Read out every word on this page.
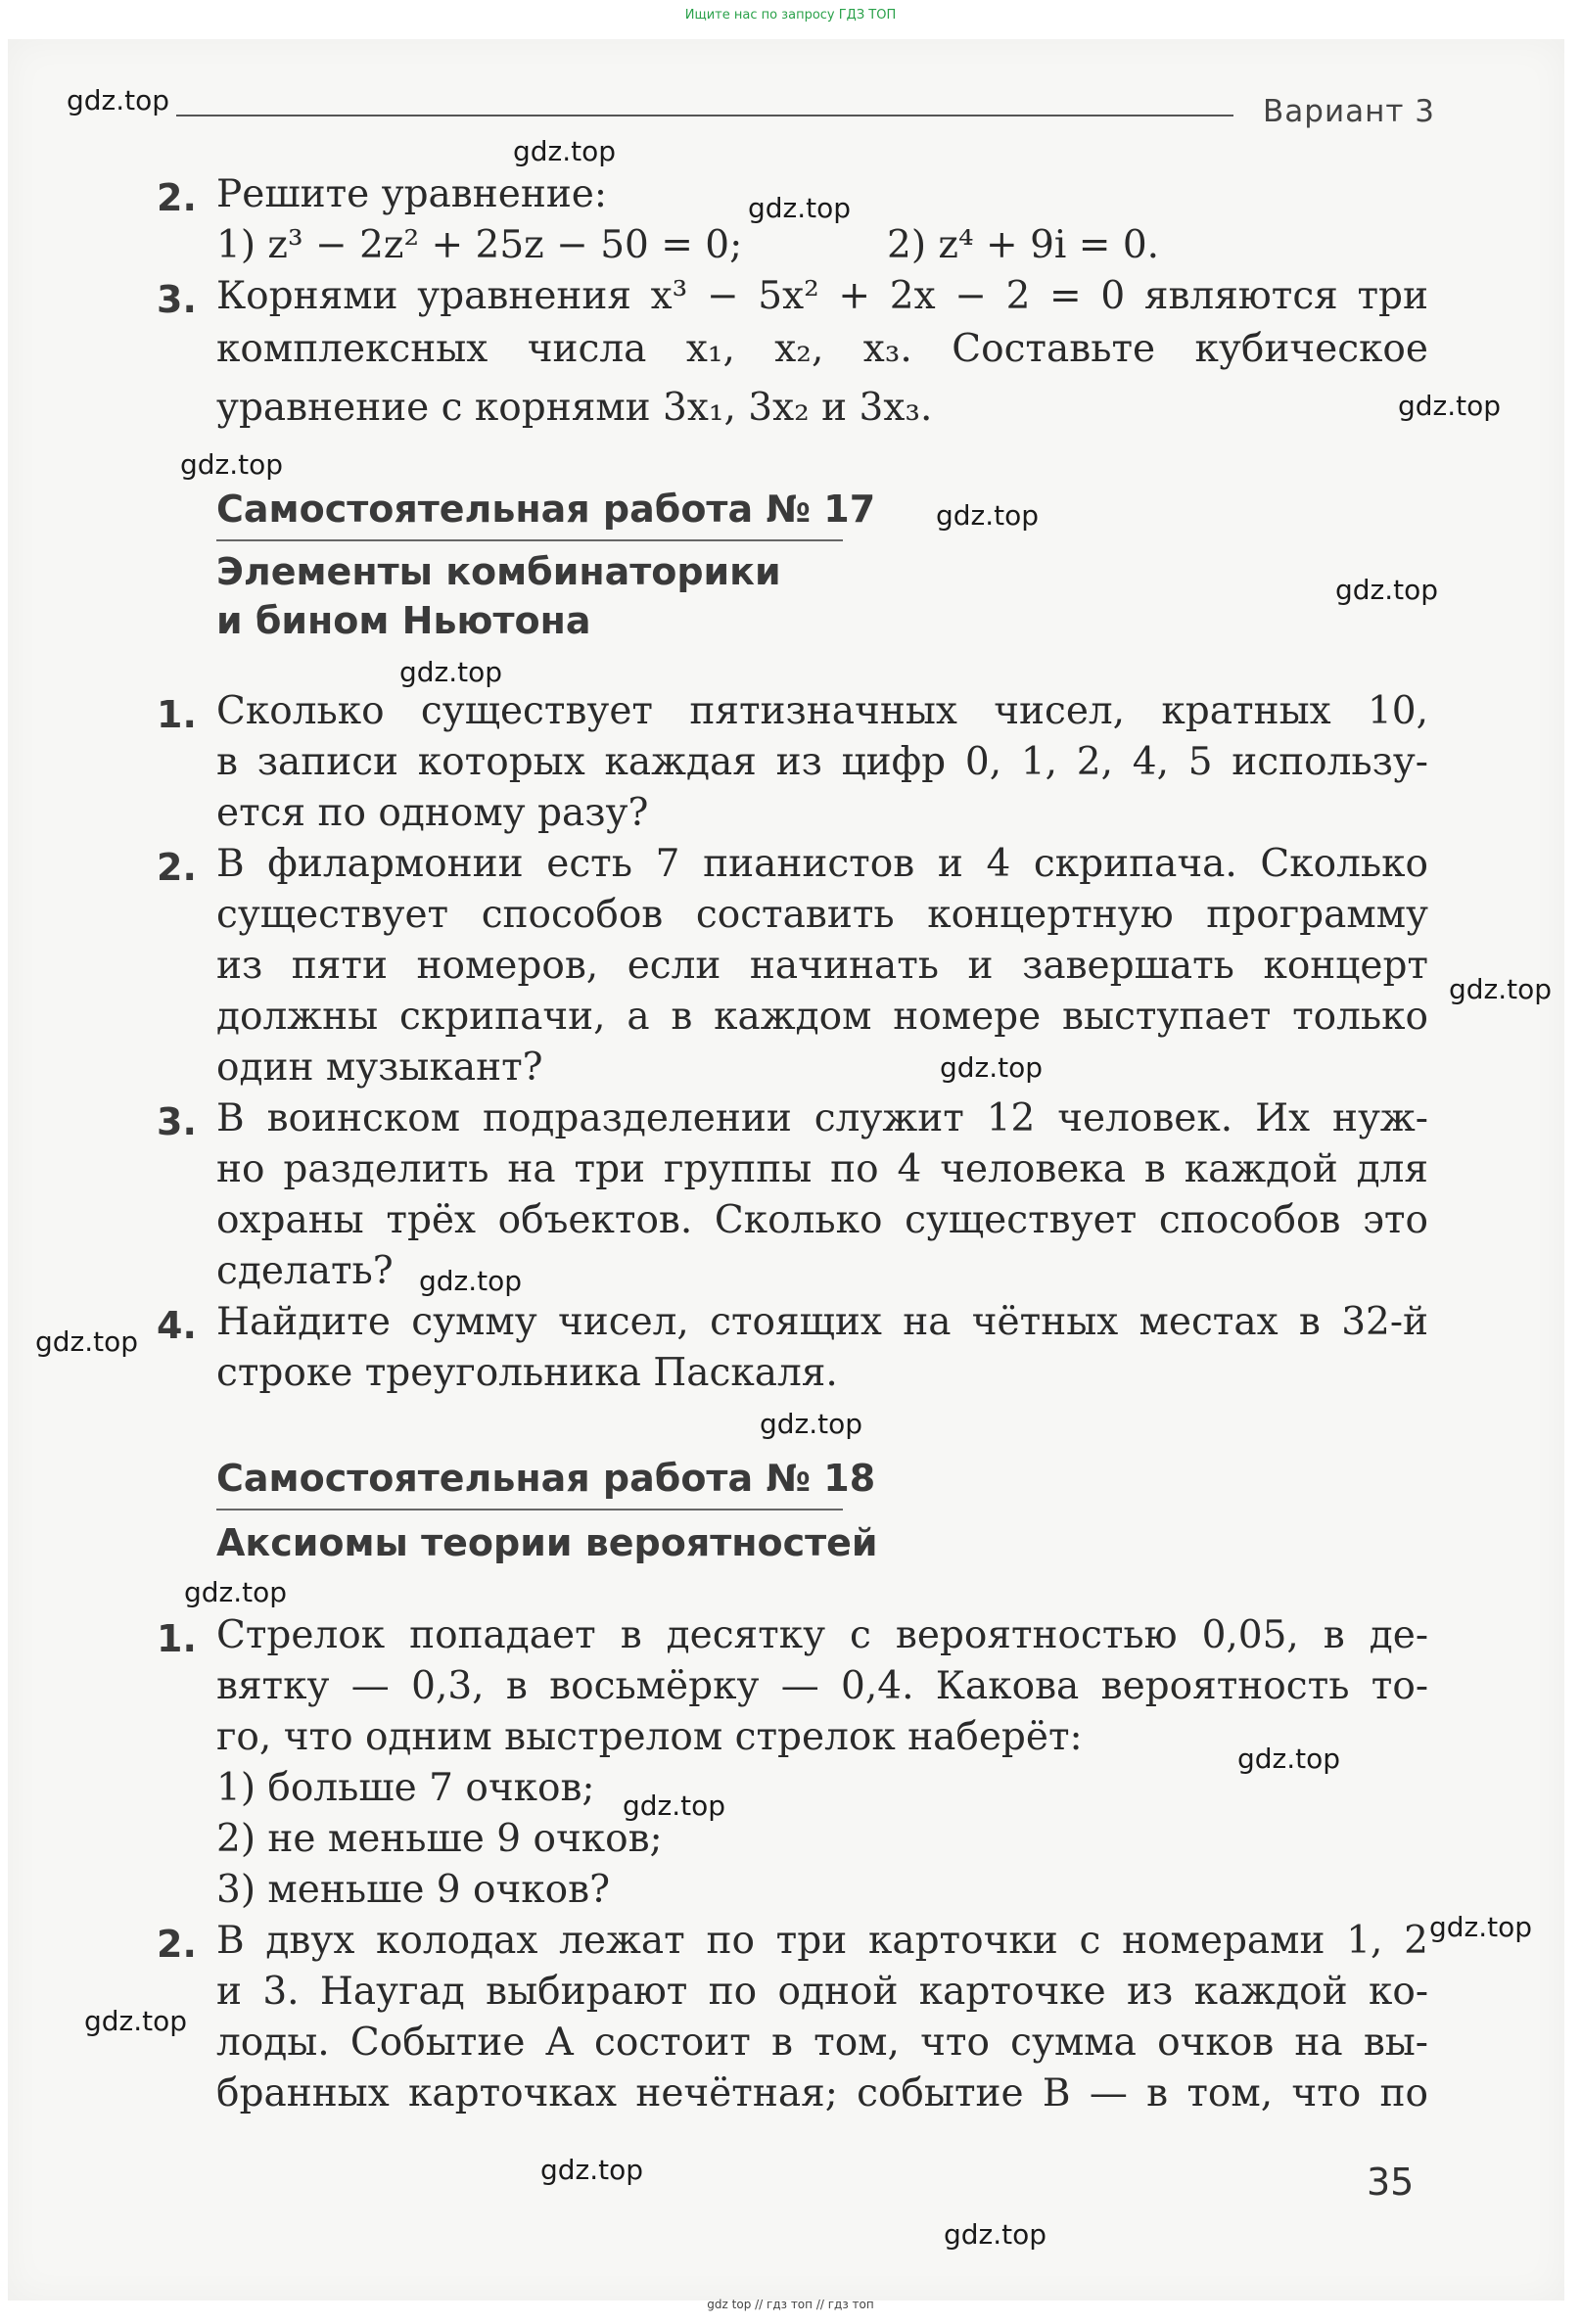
Ищите нас по запросу ГДЗ ТОП
Вариант 3
2. Решите уравнение:
1) z³ − 2z² + 25z − 50 = 0;	2) z⁴ + 9i = 0.
3. Корнями уравнения x³ − 5x² + 2x − 2 = 0 являются три
комплексных числа x₁, x₂, x₃. Составьте кубическое
уравнение с корнями 3x₁, 3x₂ и 3x₃.
Самостоятельная работа № 17
Элементы комбинаторики
и бином Ньютона
1. Сколько существует пятизначных чисел, кратных 10,
в записи которых каждая из цифр 0, 1, 2, 4, 5 использу-
ется по одному разу?
2. В филармонии есть 7 пианистов и 4 скрипача. Сколько
существует способов составить концертную программу
из пяти номеров, если начинать и завершать концерт
должны скрипачи, а в каждом номере выступает только
один музыкант?
3. В воинском подразделении служит 12 человек. Их нуж-
но разделить на три группы по 4 человека в каждой для
охраны трёх объектов. Сколько существует способов это
сделать?
4. Найдите сумму чисел, стоящих на чётных местах в 32-й
строке треугольника Паскаля.
Самостоятельная работа № 18
Аксиомы теории вероятностей
1. Стрелок попадает в десятку с вероятностью 0,05, в де-
вятку — 0,3, в восьмёрку — 0,4. Какова вероятность то-
го, что одним выстрелом стрелок наберёт:
1) больше 7 очков;
2) не меньше 9 очков;
3) меньше 9 очков?
2. В двух колодах лежат по три карточки с номерами 1, 2
и 3. Наугад выбирают по одной карточке из каждой ко-
лоды. Событие A состоит в том, что сумма очков на вы-
бранных карточках нечётная; событие B — в том, что по
35
gdz.top
gdz.top
gdz.top
gdz.top
gdz.top
gdz.top
gdz.top
gdz.top
gdz.top
gdz.top
gdz.top
gdz.top
gdz.top
gdz.top
gdz.top
gdz.top
gdz.top
gdz.top
gdz.top
gdz.top
gdz top // гдз топ // гдз топ
